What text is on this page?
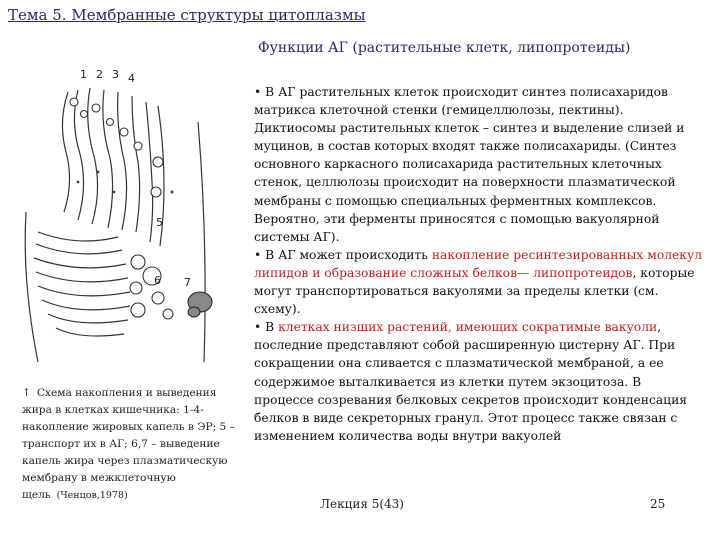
Тема 5. Мембранные структуры цитоплазмы
Функции АГ (растительные клетк, липопротеиды)
1 2 3 4
5
6 7
↑ Схема накопления и выведения жира в клетках кишечника: 1-4- накопление жировых капель в ЭР; 5 – транспорт их в АГ; 6,7 – выведение капель жира через плазматическую мембрану в межклеточную щель (Ченцов,1978)

• В АГ растительных клеток происходит синтез полисахаридов матрикса клеточной стенки (гемицеллюлозы, пектины). Диктиосомы растительных клеток – синтез и выделение слизей и муцинов, в состав которых входят также полисахариды. (Синтез основного каркасного полисахарида растительных клеточных стенок, целлюлозы происходит на поверхности плазматической мембраны с помощью специальных ферментных комплексов. Вероятно, эти ферменты приносятся с помощью вакуолярной системы АГ).

• В АГ может происходить накопление ресинтезированных молекул липидов и образование сложных белков— липопротеидов, которые могут транспортироваться вакуолями за пределы клетки (см. схему).

• В клетках низших растений, имеющих сократимые вакуоли, последние представляют собой расширенную цистерну АГ. При сокращении она сливается с плазматической мембраной, а ее содержимое выталкивается из клетки путем экзоцитоза. В процессе созревания белковых секретов происходит конденсация белков в виде секреторных гранул. Этот процесс также связан с изменением количества воды внутри вакуолей

Лекция 5(43)	25
